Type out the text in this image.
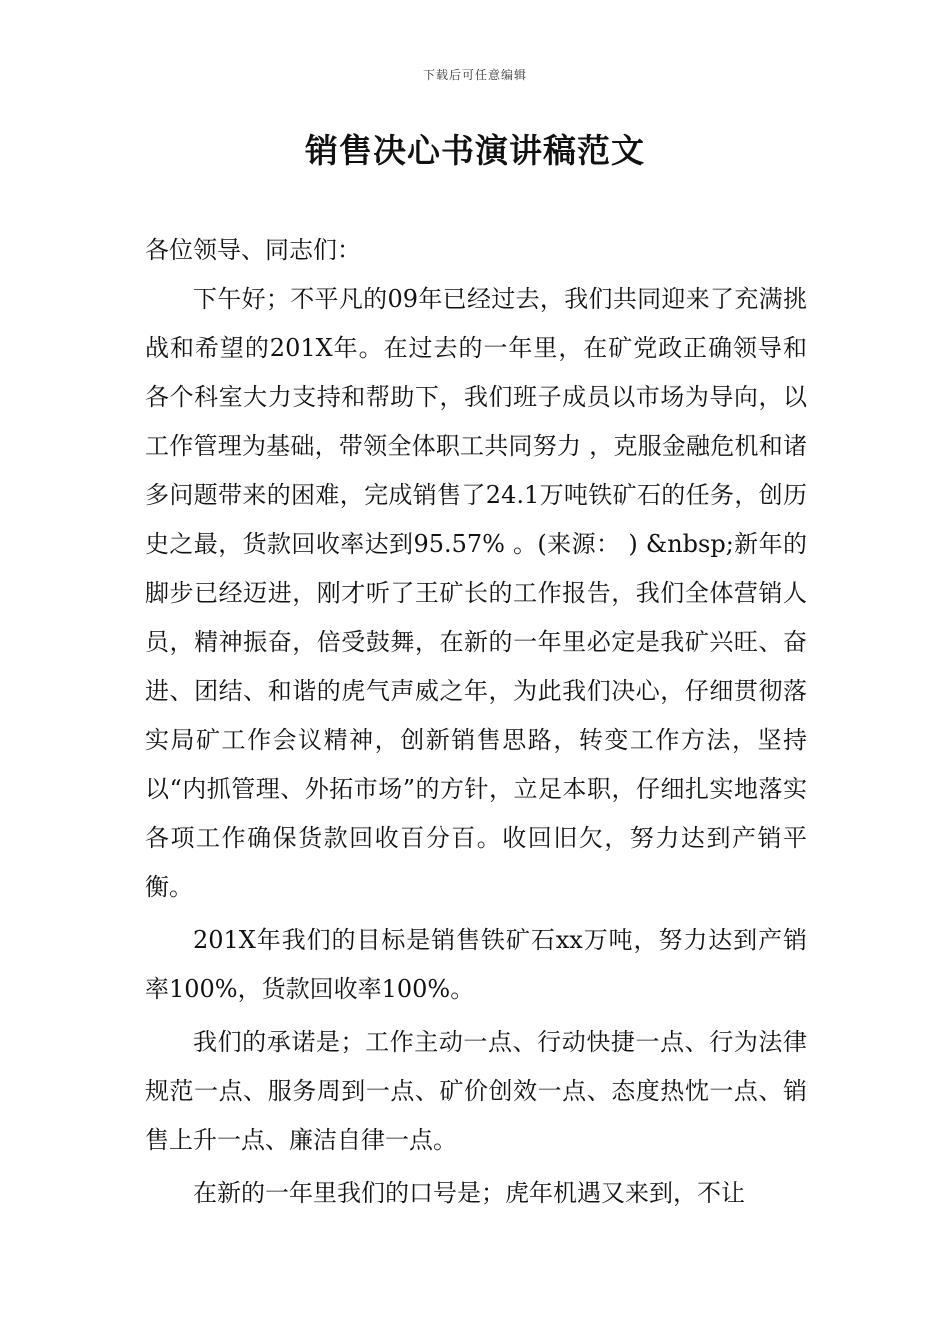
下载后可任意编辑
销售决心书演讲稿范文

各位领导、同志们：

下午好；不平凡的09年已经过去，我们共同迎来了充满挑战和希望的201X年。在过去的一年里，在矿党政正确领导和各个科室大力支持和帮助下，我们班子成员以市场为导向，以工作管理为基础，带领全体职工共同努力 ，克服金融危机和诸多问题带来的困难，完成销售了24.1万吨铁矿石的任务，创历史之最，货款回收率达到95.57% 。(来源： ) &nbsp;新年的脚步已经迈进，刚才听了王矿长的工作报告，我们全体营销人员，精神振奋，倍受鼓舞，在新的一年里必定是我矿兴旺、奋进、团结、和谐的虎气声威之年，为此我们决心，仔细贯彻落实局矿工作会议精神，创新销售思路，转变工作方法，坚持以“内抓管理、外拓市场”的方针，立足本职，仔细扎实地落实各项工作确保货款回收百分百。收回旧欠，努力达到产销平衡。

201X年我们的目标是销售铁矿石xx万吨，努力达到产销率100%，货款回收率100%。

我们的承诺是；工作主动一点、行动快捷一点、行为法律规范一点、服务周到一点、矿价创效一点、态度热忱一点、销售上升一点、廉洁自律一点。

在新的一年里我们的口号是；虎年机遇又来到，不让
